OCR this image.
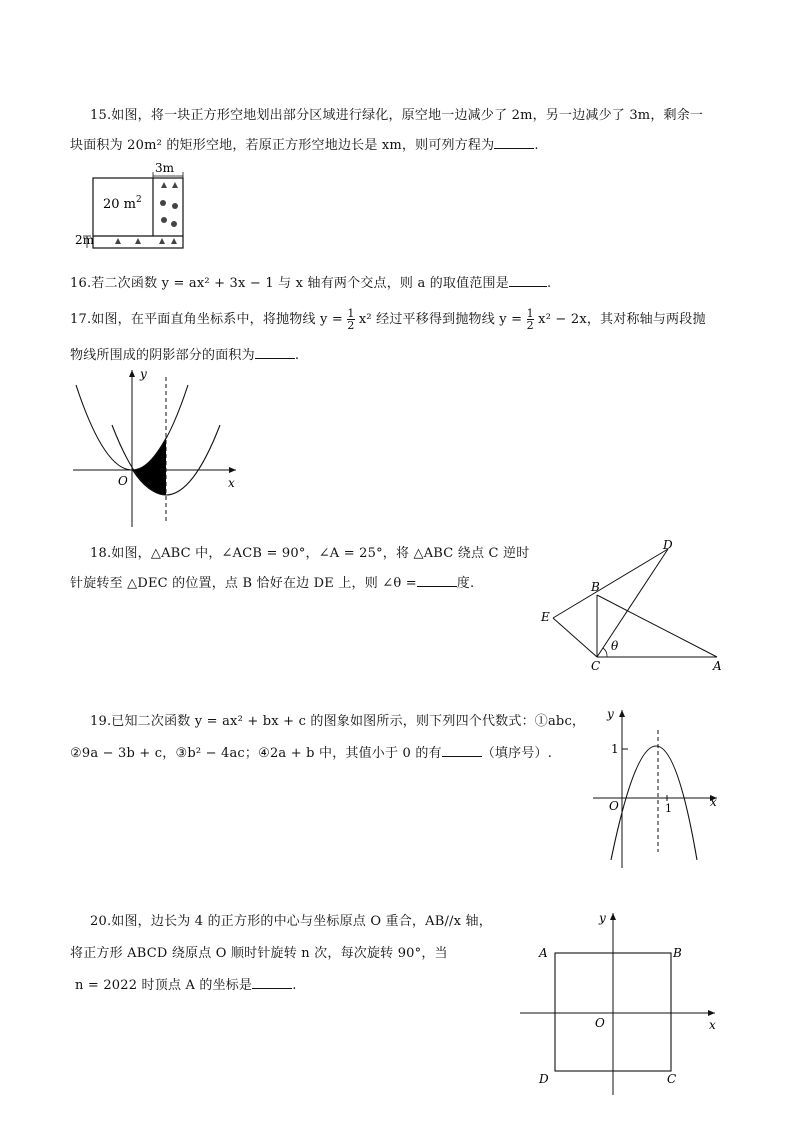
15.如图，将一块正方形空地划出部分区域进行绿化，原空地一边减少了 2m，另一边减少了 3m，剩余一
块面积为 20m² 的矩形空地，若原正方形空地边长是 xm，则可列方程为	.
3m
2m
20 $m^2$
16.若二次函数 y = ax² + 3x − 1 与 x 轴有两个交点，则 a 的取值范围是	.
17.如图，在平面直角坐标系中，将抛物线 $y = \frac{1}{2} x^2$ 经过平移得到抛物线 $y = \frac{1}{2} x^2 - 2x$，其对称轴与两段抛
物线所围成的阴影部分的面积为	.
y
x
O
18.如图，△ABC 中，∠ACB = 90°，∠A = 25°，将 △ABC 绕点 C 逆时
针旋转至 △DEC 的位置，点 B 恰好在边 DE 上，则 ∠θ =	度.
θ
D
B
E
C	A
19.已知二次函数 y = ax² + bx + c 的图象如图所示，则下列四个代数式：①abc，
②9a − 3b + c，③b² − 4ac；④2a + b 中，其值小于 0 的有	（填序号）.
y
x
O
1
1
20.如图，边长为 4 的正方形的中心与坐标原点 O 重合，AB//x 轴，
将正方形 ABCD 绕原点 O 顺时针旋转 n 次，每次旋转 90°，当
n = 2022 时顶点 A 的坐标是	.
y
x
O
A	B
C
D
